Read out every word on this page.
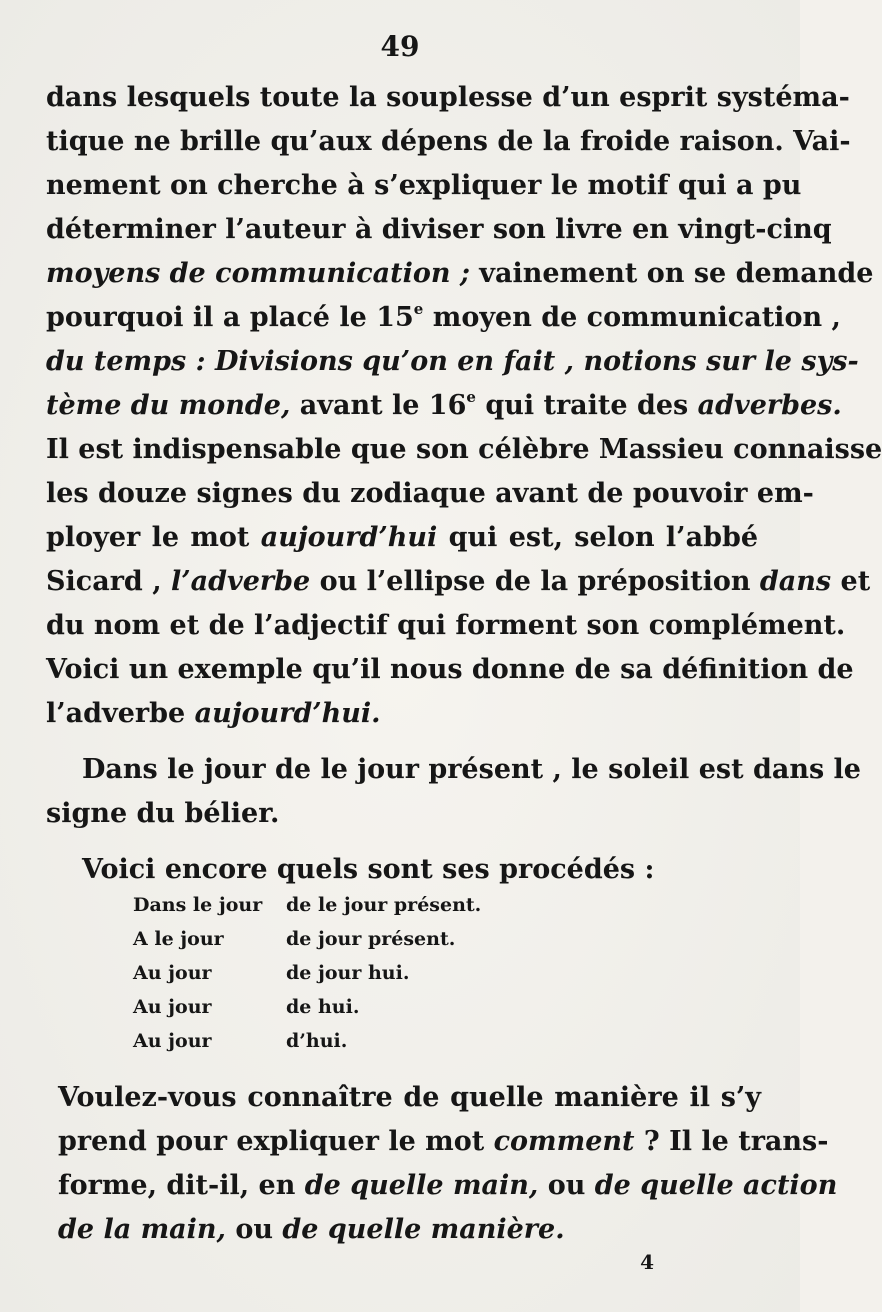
49
dans lesquels toute la souplesse d’un esprit systéma-
tique ne brille qu’aux dépens de la froide raison. Vai-
nement on cherche à s’expliquer le motif qui a pu
déterminer l’auteur à diviser son livre en vingt-cinq
moyens de communication ; vainement on se demande
pourquoi il a placé le 15e moyen de communication ,
du temps : Divisions qu’on en fait , notions sur le sys-
tème du monde, avant le 16e qui traite des adverbes.
Il est indispensable que son célèbre Massieu connaisse
les douze signes du zodiaque avant de pouvoir em-
ployer le mot aujourd’hui qui est, selon l’abbé
Sicard , l’adverbe ou l’ellipse de la préposition dans et
du nom et de l’adjectif qui forment son complément.
Voici un exemple qu’il nous donne de sa définition de
l’adverbe aujourd’hui.
Dans le jour de le jour présent , le soleil est dans le
signe du bélier.
Voici encore quels sont ses procédés :
Dans le jour	de le jour présent.
A le jour	de jour présent.
Au jour	de jour hui.
Au jour	de hui.
Au jour	d’hui.
Voulez-vous connaître de quelle manière il s’y
prend pour expliquer le mot comment ? Il le trans-
forme, dit-il, en de quelle main, ou de quelle action
de la main, ou de quelle manière.
4
